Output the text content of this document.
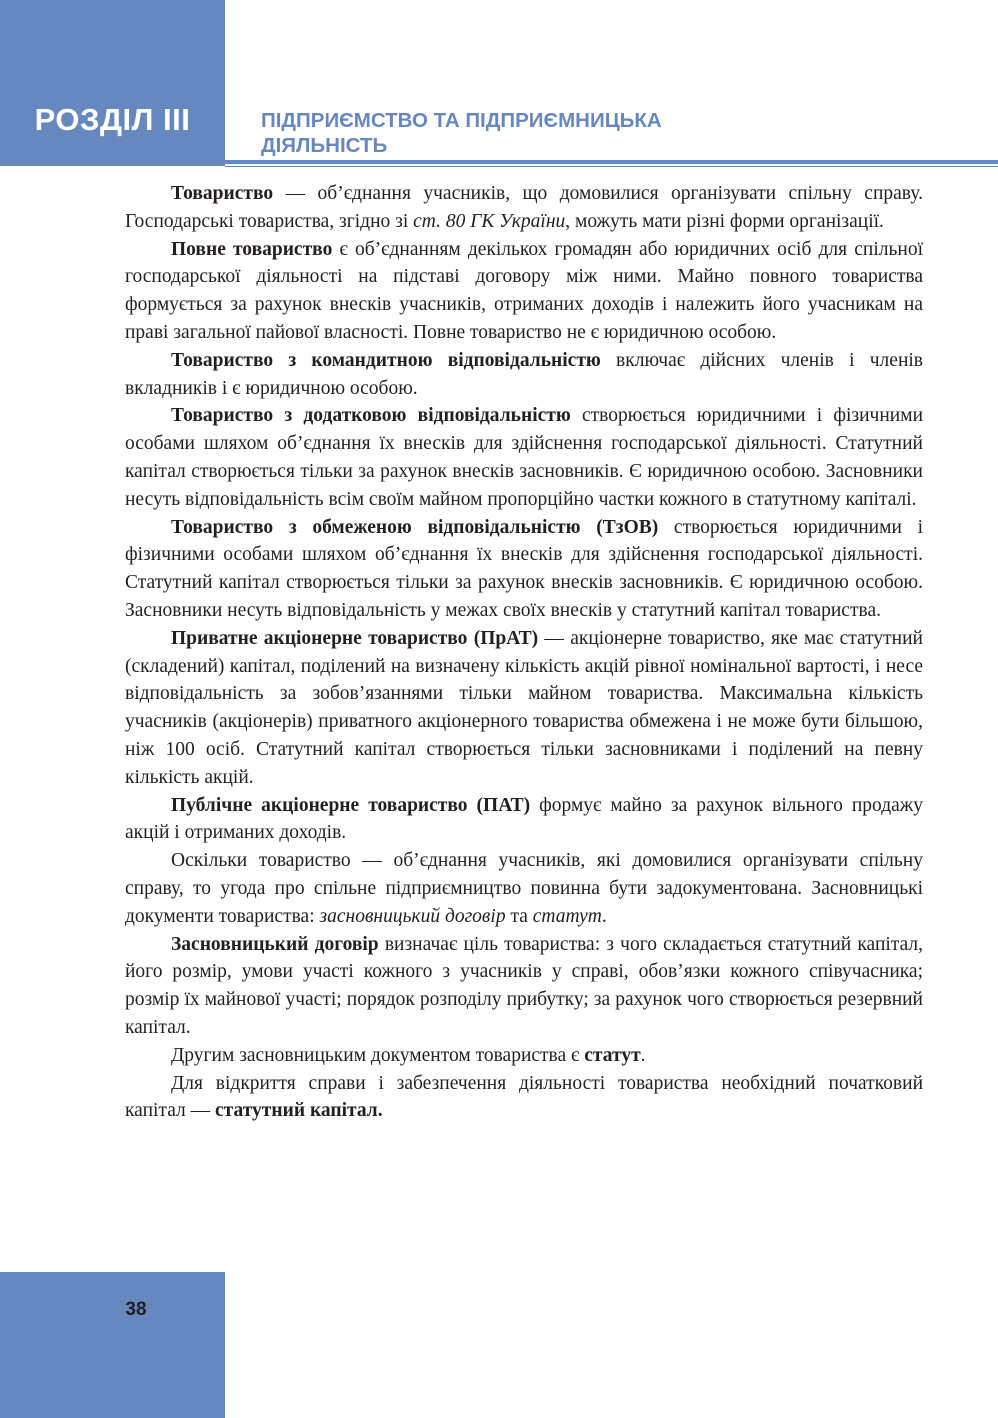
РОЗДІЛ ІІІ	ПІДПРИЄМСТВО ТА ПІДПРИЄМНИЦЬКА
ДІЯЛЬНІСТЬ

Товариство — об’єднання учасників, що домовилися організувати спільну справу. Господарські товариства, згідно зі ст. 80 ГК України, можуть мати різні форми організації.

Повне товариство є об’єднанням декількох громадян або юридичних осіб для спільної господарської діяльності на підставі договору між ними. Майно повного товариства формується за рахунок внесків учасників, отриманих доходів і належить його учасникам на праві загальної пайової власності. Повне товариство не є юридичною особою.

Товариство з командитною відповідальністю включає дійсних членів і членів вкладників і є юридичною особою.

Товариство з додатковою відповідальністю створюється юридичними і фізичними особами шляхом об’єднання їх внесків для здійснення господарської діяльності. Статутний капітал створюється тільки за рахунок внесків засновників. Є юридичною особою. Засновники несуть відповідальність всім своїм майном пропорційно частки кожного в статутному капіталі.

Товариство з обмеженою відповідальністю (ТзОВ) створюється юридичними і фізичними особами шляхом об’єднання їх внесків для здійснення господарської діяльності. Статутний капітал створюється тільки за рахунок внесків засновників. Є юридичною особою. Засновники несуть відповідальність у межах своїх внесків у статутний капітал товариства.

Приватне акціонерне товариство (ПрАТ) — акціонерне товариство, яке має статутний (складений) капітал, поділений на визначену кількість акцій рівної номінальної вартості, і несе відповідальність за зобов’язаннями тільки майном товариства. Максимальна кількість учасників (акціонерів) приватного акціонерного товариства обмежена і не може бути більшою, ніж 100 осіб. Статутний капітал створюється тільки засновниками і поділений на певну кількість акцій.

Публічне акціонерне товариство (ПАТ) формує майно за рахунок вільного продажу акцій і отриманих доходів.

Оскільки товариство — об’єднання учасників, які домовилися організувати спільну справу, то угода про спільне підприємництво повинна бути задокументована. Засновницькі документи товариства: засновницький договір та статут.

Засновницький договір визначає ціль товариства: з чого складається статутний капітал, його розмір, умови участі кожного з учасників у справі, обов’язки кожного співучасника; розмір їх майнової участі; порядок розподілу прибутку; за рахунок чого створюється резервний капітал.

Другим засновницьким документом товариства є статут.

Для відкриття справи і забезпечення діяльності товариства необхідний початковий капітал — статутний капітал.

38
